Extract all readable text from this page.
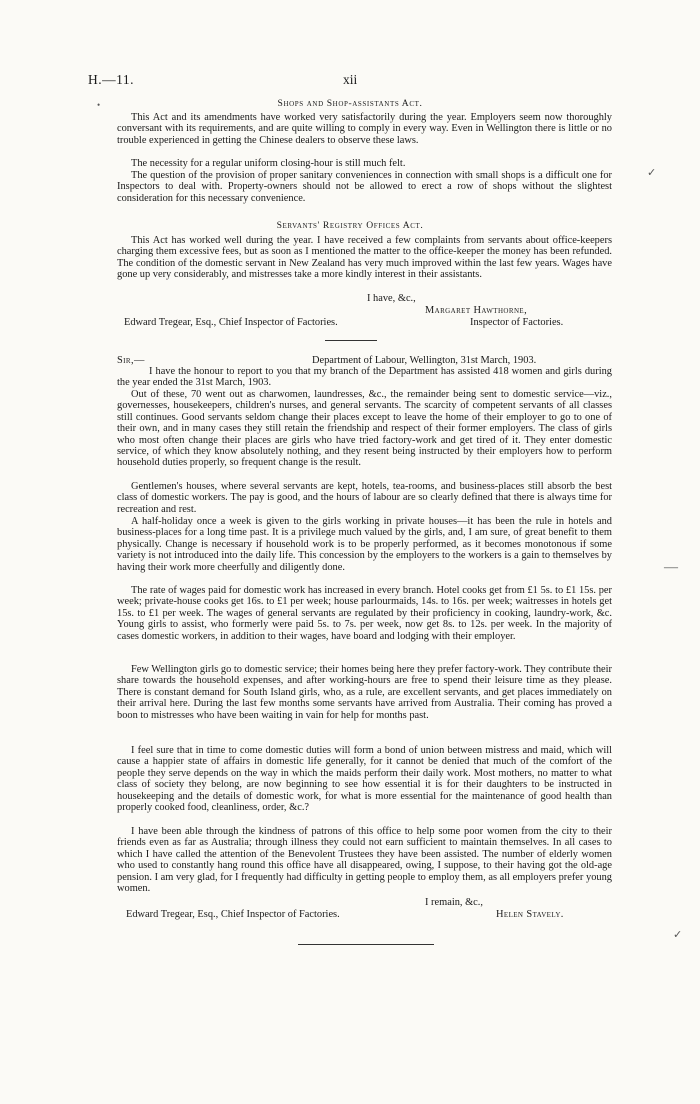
H.—11.	xii
Shops and Shop-assistants Act.

This Act and its amendments have worked very satisfactorily during the year. Employers seem now thoroughly conversant with its requirements, and are quite willing to comply in every way. Even in Wellington there is little or no trouble experienced in getting the Chinese dealers to observe these laws.

The necessity for a regular uniform closing-hour is still much felt.

The question of the provision of proper sanitary conveniences in connection with small shops is a difficult one for Inspectors to deal with. Property-owners should not be allowed to erect a row of shops without the slightest consideration for this necessary convenience.

Servants' Registry Offices Act.

This Act has worked well during the year. I have received a few complaints from servants about office-keepers charging them excessive fees, but as soon as I mentioned the matter to the office-keeper the money has been refunded. The condition of the domestic servant in New Zealand has very much improved within the last few years. Wages have gone up very considerably, and mistresses take a more kindly interest in their assistants.

I have, &c.,
Margaret Hawthorne,
Edward Tregear, Esq., Chief Inspector of Factories.	Inspector of Factories.
Sir,—	Department of Labour, Wellington, 31st March, 1903.

I have the honour to report to you that my branch of the Department has assisted 418 women and girls during the year ended the 31st March, 1903.

Out of these, 70 went out as charwomen, laundresses, &c., the remainder being sent to domestic service—viz., governesses, housekeepers, children's nurses, and general servants. The scarcity of competent servants of all classes still continues. Good servants seldom change their places except to leave the home of their employer to go to one of their own, and in many cases they still retain the friendship and respect of their former employers. The class of girls who most often change their places are girls who have tried factory-work and get tired of it. They enter domestic service, of which they know absolutely nothing, and they resent being instructed by their employers how to perform household duties properly, so frequent change is the result.

Gentlemen's houses, where several servants are kept, hotels, tea-rooms, and business-places still absorb the best class of domestic workers. The pay is good, and the hours of labour are so clearly defined that there is always time for recreation and rest.

A half-holiday once a week is given to the girls working in private houses—it has been the rule in hotels and business-places for a long time past. It is a privilege much valued by the girls, and, I am sure, of great benefit to them physically. Change is necessary if household work is to be properly performed, as it becomes monotonous if some variety is not introduced into the daily life. This concession by the employers to the workers is a gain to themselves by having their work more cheerfully and diligently done.

The rate of wages paid for domestic work has increased in every branch. Hotel cooks get from £1 5s. to £1 15s. per week; private-house cooks get 16s. to £1 per week; house parlourmaids, 14s. to 16s. per week; waitresses in hotels get 15s. to £1 per week. The wages of general servants are regulated by their proficiency in cooking, laundry-work, &c. Young girls to assist, who formerly were paid 5s. to 7s. per week, now get 8s. to 12s. per week. In the majority of cases domestic workers, in addition to their wages, have board and lodging with their employer.

Few Wellington girls go to domestic service; their homes being here they prefer factory-work. They contribute their share towards the household expenses, and after working-hours are free to spend their leisure time as they please. There is constant demand for South Island girls, who, as a rule, are excellent servants, and get places immediately on their arrival here. During the last few months some servants have arrived from Australia. Their coming has proved a boon to mistresses who have been waiting in vain for help for months past.

I feel sure that in time to come domestic duties will form a bond of union between mistress and maid, which will cause a happier state of affairs in domestic life generally, for it cannot be denied that much of the comfort of the people they serve depends on the way in which the maids perform their daily work. Most mothers, no matter to what class of society they belong, are now beginning to see how essential it is for their daughters to be instructed in housekeeping and the details of domestic work, for what is more essential for the maintenance of good health than properly cooked food, cleanliness, order, &c.?

I have been able through the kindness of patrons of this office to help some poor women from the city to their friends even as far as Australia; through illness they could not earn sufficient to maintain themselves. In all cases to which I have called the attention of the Benevolent Trustees they have been assisted. The number of elderly women who used to constantly hang round this office have all disappeared, owing, I suppose, to their having got the old-age pension. I am very glad, for I frequently had difficulty in getting people to employ them, as all employers prefer young women.

I remain, &c.,
Edward Tregear, Esq., Chief Inspector of Factories.	Helen Stavely.
•
✓
—
✓
